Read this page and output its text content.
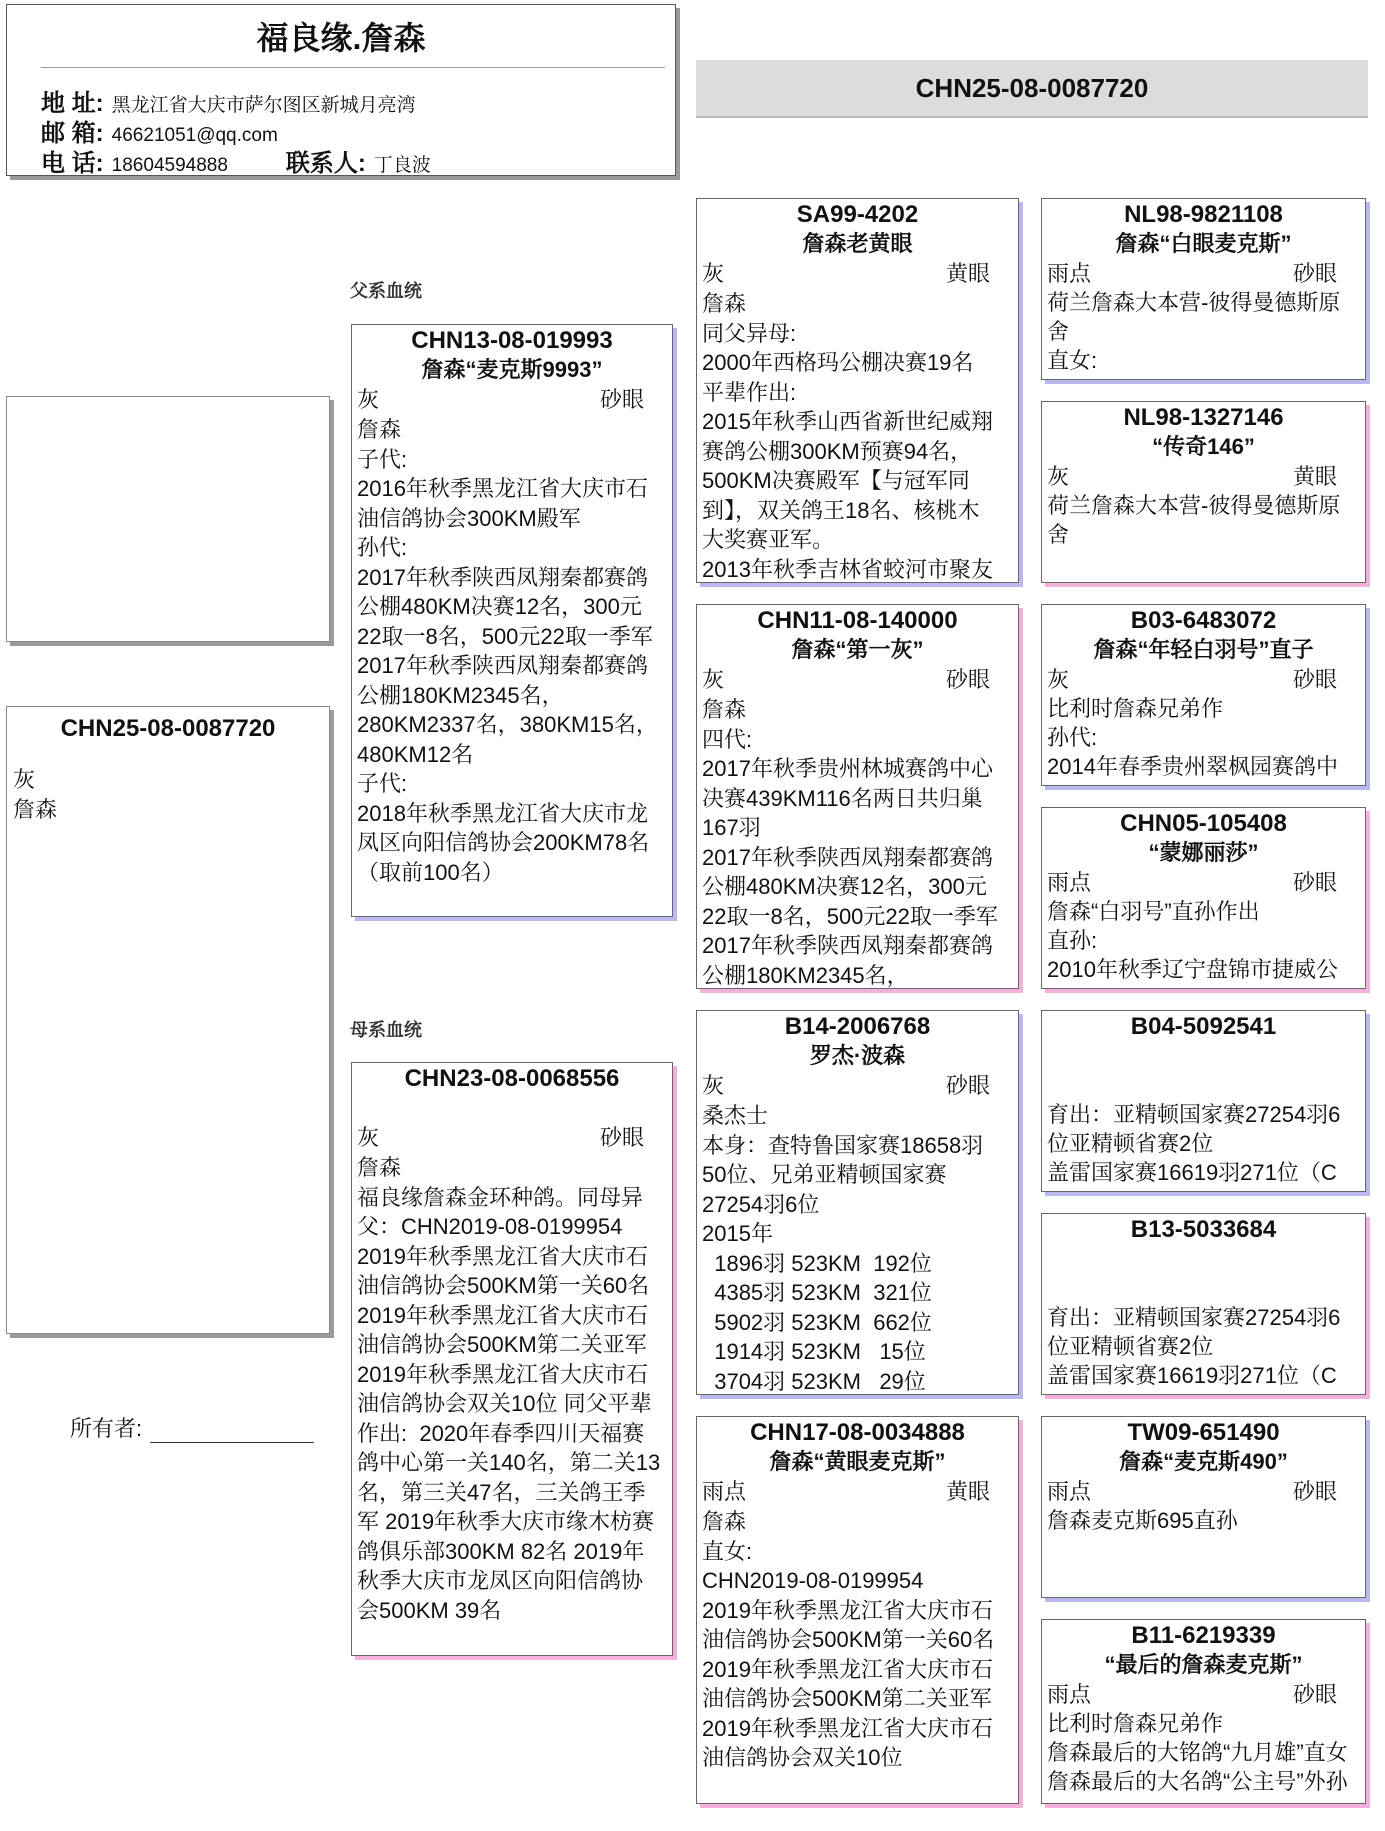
福良缘.詹森
地 址: 黑龙江省大庆市萨尔图区新城月亮湾
邮 箱: 46621051@qq.com
电 话: 18604594888 联系人: 丁良波
CHN25-08-0087720
父系血统
母系血统
CHN25-08-0087720
灰
詹森
所有者:
CHN13-08-019993
詹森“麦克斯9993”
灰	砂眼
詹森
子代:
2016年秋季黑龙江省大庆市石
油信鸽协会300KM殿军
孙代:
2017年秋季陕西凤翔秦都赛鸽
公棚480KM决赛12名，300元
22取一8名，500元22取一季军
2017年秋季陕西凤翔秦都赛鸽
公棚180KM2345名，
280KM2337名，380KM15名，
480KM12名
子代:
2018年秋季黑龙江省大庆市龙
凤区向阳信鸽协会200KM78名
（取前100名）
CHN23-08-0068556
灰	砂眼
詹森
福良缘詹森金环种鸽。同母异
父：CHN2019-08-0199954
2019年秋季黑龙江省大庆市石
油信鸽协会500KM第一关60名
2019年秋季黑龙江省大庆市石
油信鸽协会500KM第二关亚军
2019年秋季黑龙江省大庆市石
油信鸽协会双关10位 同父平辈
作出:  2020年春季四川天福赛
鸽中心第一关140名，第二关13
名，第三关47名，三关鸽王季
军 2019年秋季大庆市缘木枋赛
鸽俱乐部300KM 82名 2019年
秋季大庆市龙凤区向阳信鸽协
会500KM 39名
SA99-4202
詹森老黄眼
灰	黄眼
詹森
同父异母:
2000年西格玛公棚决赛19名
平辈作出:
2015年秋季山西省新世纪威翔
赛鸽公棚300KM预赛94名，
500KM决赛殿军【与冠军同
到】，双关鸽王18名、核桃木
大奖赛亚军。
2013年秋季吉林省蛟河市聚友
CHN11-08-140000
詹森“第一灰”
灰	砂眼
詹森
四代:
2017年秋季贵州林城赛鸽中心
决赛439KM116名两日共归巢
167羽
2017年秋季陕西凤翔秦都赛鸽
公棚480KM决赛12名，300元
22取一8名，500元22取一季军
2017年秋季陕西凤翔秦都赛鸽
公棚180KM2345名，
B14-2006768
罗杰·波森
灰	砂眼
桑杰士
本身：查特鲁国家赛18658羽
50位、兄弟亚精顿国家赛
27254羽6位
2015年
1896羽 523KM  192位
4385羽 523KM  321位
5902羽 523KM  662位
1914羽 523KM   15位
3704羽 523KM   29位
CHN17-08-0034888
詹森“黄眼麦克斯”
雨点	黄眼
詹森
直女:
CHN2019-08-0199954
2019年秋季黑龙江省大庆市石
油信鸽协会500KM第一关60名
2019年秋季黑龙江省大庆市石
油信鸽协会500KM第二关亚军
2019年秋季黑龙江省大庆市石
油信鸽协会双关10位
NL98-9821108
詹森“白眼麦克斯”
雨点	砂眼
荷兰詹森大本营-彼得曼德斯原
舍
直女:
NL98-1327146
“传奇146”
灰	黄眼
荷兰詹森大本营-彼得曼德斯原
舍
B03-6483072
詹森“年轻白羽号”直子
灰	砂眼
比利时詹森兄弟作
孙代:
2014年春季贵州翠枫园赛鸽中
CHN05-105408
“蒙娜丽莎”
雨点	砂眼
詹森“白羽号”直孙作出
直孙:
2010年秋季辽宁盘锦市捷威公
B04-5092541

育出：亚精顿国家赛27254羽6
位亚精顿省赛2位
盖雷国家赛16619羽271位（C
B13-5033684

育出：亚精顿国家赛27254羽6
位亚精顿省赛2位
盖雷国家赛16619羽271位（C
TW09-651490
詹森“麦克斯490”
雨点	砂眼
詹森麦克斯695直孙
B11-6219339
“最后的詹森麦克斯”
雨点	砂眼
比利时詹森兄弟作
詹森最后的大铭鸽“九月雄”直女
詹森最后的大名鸽“公主号”外孙
